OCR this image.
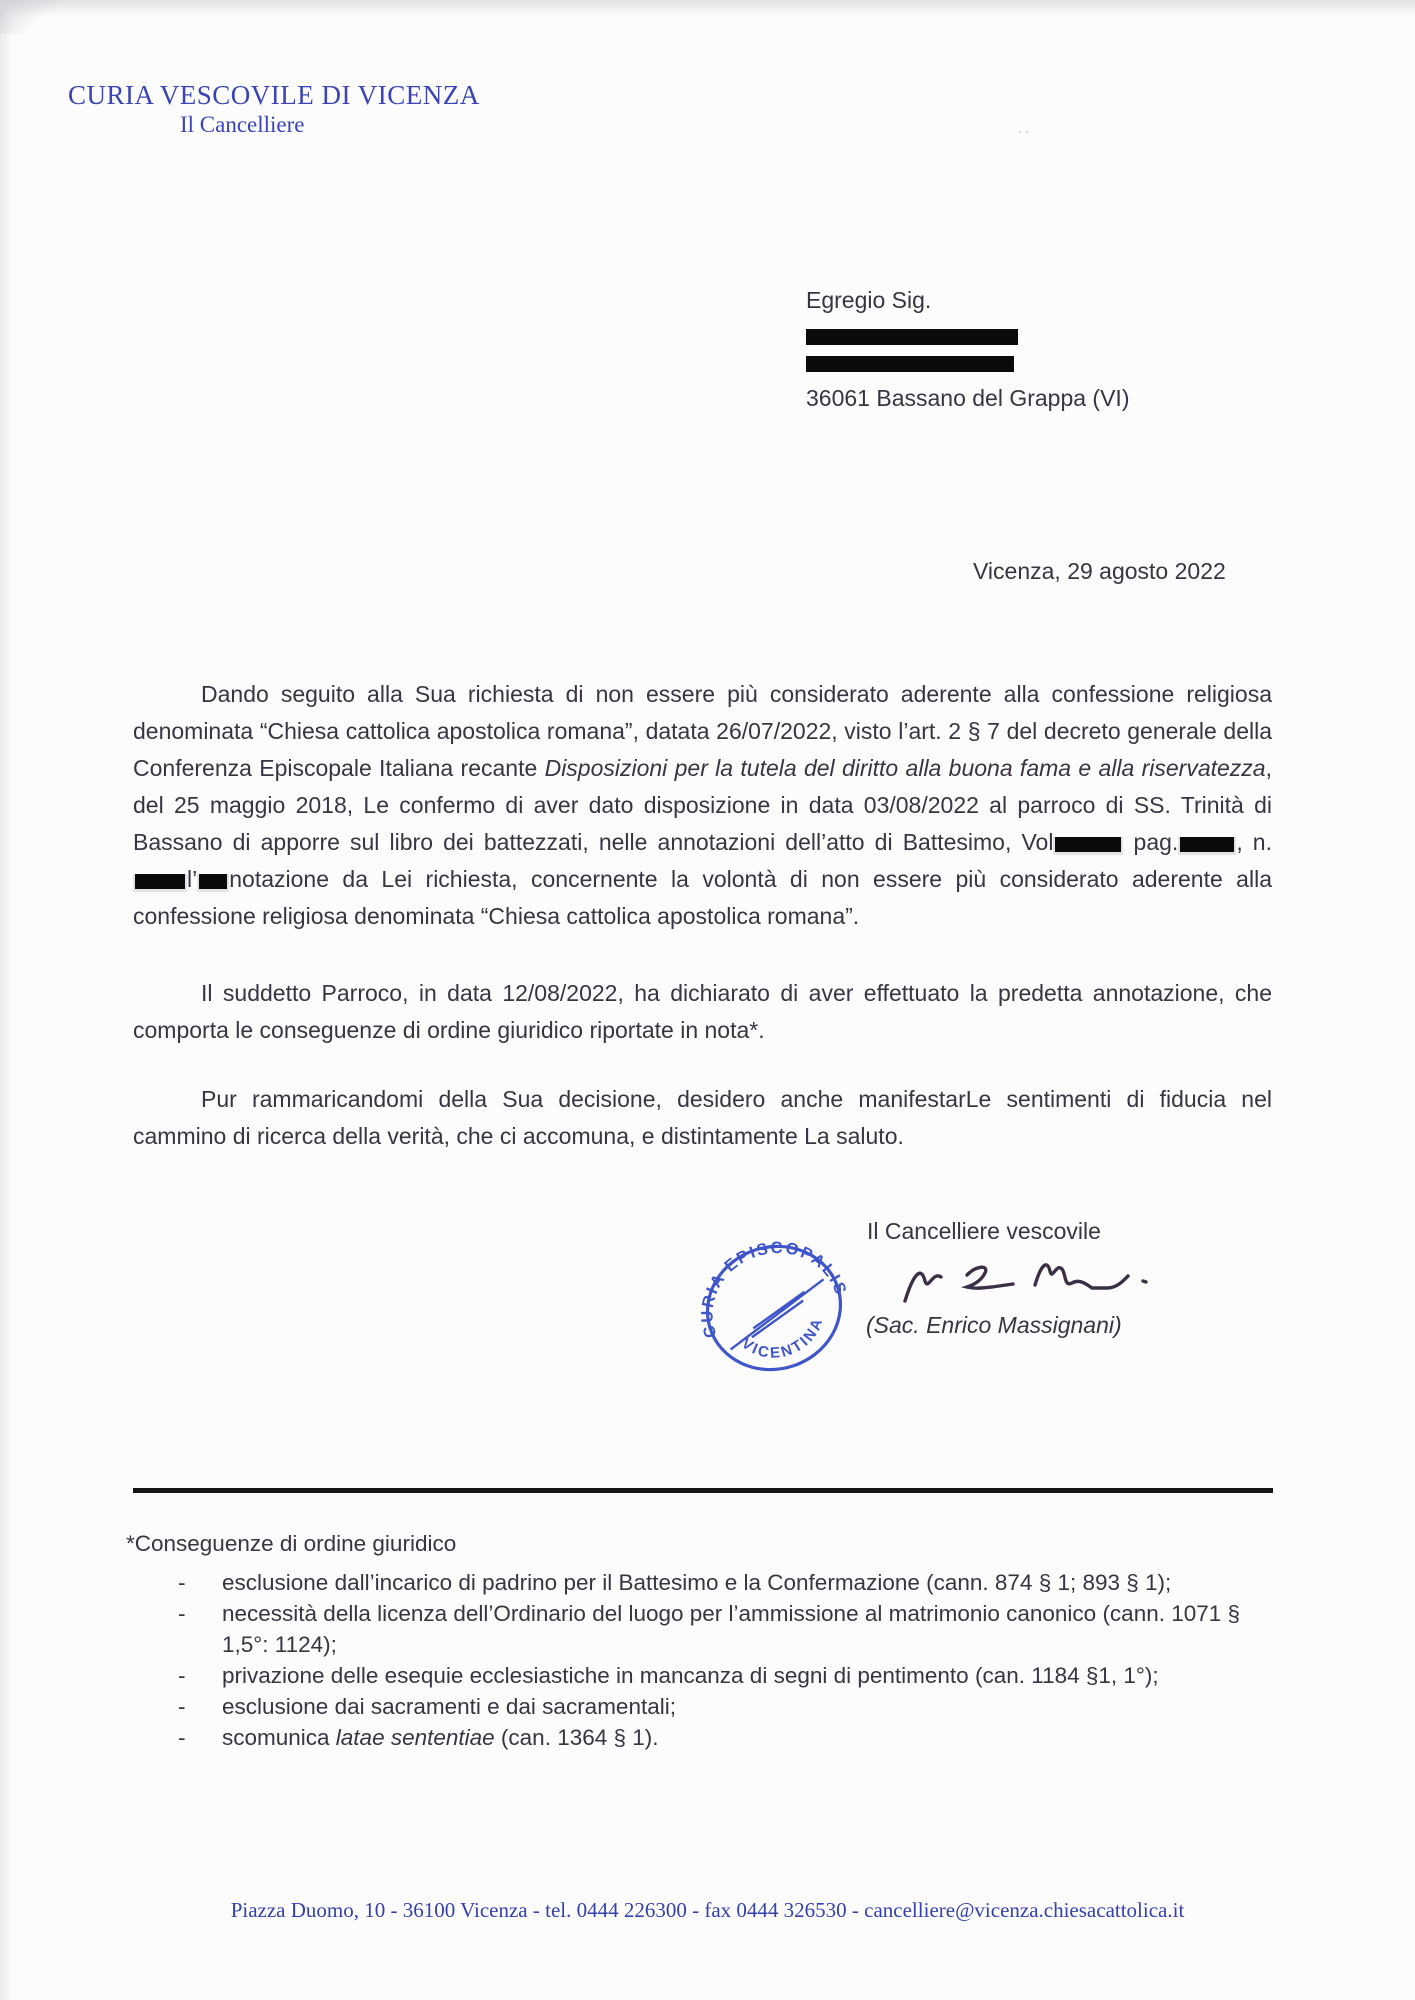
CURIA VESCOVILE DI VICENZA
Il Cancelliere	..
Egregio Sig.
36061 Bassano del Grappa (VI)
Vicenza, 29 agosto 2022
Dando seguito alla Sua richiesta di non essere più considerato aderente alla confessione religiosa denominata “Chiesa cattolica apostolica romana”, datata 26/07/2022, visto l’art. 2 § 7 del decreto generale della Conferenza Episcopale Italiana recante Disposizioni per la tutela del diritto alla buona fama e alla riservatezza, del 25 maggio 2018, Le confermo di aver dato disposizione in data 03/08/2022 al parroco di SS. Trinità di Bassano di apporre sul libro dei battezzati, nelle annotazioni dell’atto di Battesimo, Vol	pag.	, n. l’ notazione da Lei richiesta, concernente la volontà di non essere più considerato aderente alla confessione religiosa denominata “Chiesa cattolica apostolica romana”.
Il suddetto Parroco, in data 12/08/2022, ha dichiarato di aver effettuato la predetta annotazione, che comporta le conseguenze di ordine giuridico riportate in nota*.
Pur rammaricandomi della Sua decisione, desidero anche manifestarLe sentimenti di fiducia nel cammino di ricerca della verità, che ci accomuna, e distintamente La saluto.
CURIA EPISCOPALIS
VICENTINA
Il Cancelliere vescovile
(Sac. Enrico Massignani)

*Conseguenze di ordine giuridico

-	esclusione dall’incarico di padrino per il Battesimo e la Confermazione (cann. 874 § 1; 893 § 1);
-	necessità della licenza dell’Ordinario del luogo per l’ammissione al matrimonio canonico (cann. 1071 § 1,5°: 1124);
-	privazione delle esequie ecclesiastiche in mancanza di segni di pentimento (can. 1184 §1, 1°);
-	esclusione dai sacramenti e dai sacramentali;
-	scomunica latae sententiae (can. 1364 § 1).
Piazza Duomo, 10 - 36100 Vicenza - tel. 0444 226300 - fax 0444 326530 - cancelliere@vicenza.chiesacattolica.it
